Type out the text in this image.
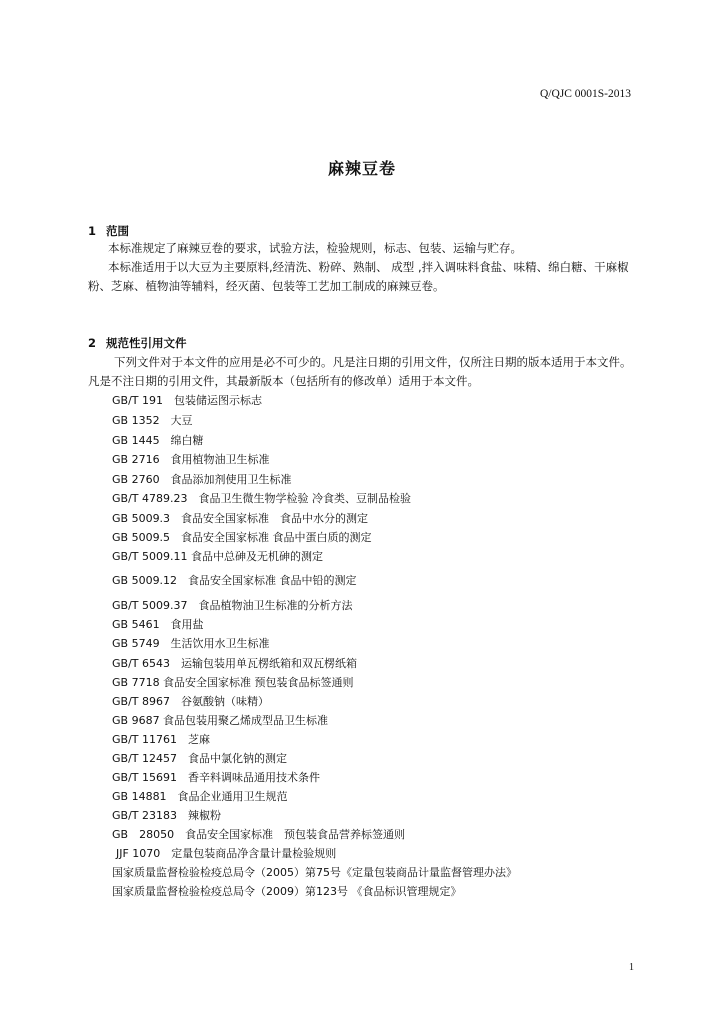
Q/QJC 0001S-2013
麻辣豆卷
1 范围
本标准规定了麻辣豆卷的要求，试验方法，检验规则，标志、包装、运输与贮存。
本标准适用于以大豆为主要原料,经清洗、粉碎、熟制、 成型 ,拌入调味料食盐、味精、绵白糖、干麻椒粉、芝麻、植物油等辅料，经灭菌、包装等工艺加工制成的麻辣豆卷。
2 规范性引用文件
下列文件对于本文件的应用是必不可少的。凡是注日期的引用文件，仅所注日期的版本适用于本文件。凡是不注日期的引用文件，其最新版本（包括所有的修改单）适用于本文件。
GB/T 191　包装储运图示标志
GB 1352　大豆
GB 1445　绵白糖
GB 2716　食用植物油卫生标准
GB 2760　食品添加剂使用卫生标准
GB/T 4789.23　食品卫生微生物学检验 冷食类、豆制品检验
GB 5009.3　食品安全国家标准　食品中水分的测定
GB 5009.5　食品安全国家标准 食品中蛋白质的测定
GB/T 5009.11 食品中总砷及无机砷的测定
GB 5009.12　食品安全国家标准 食品中铅的测定
GB/T 5009.37　食品植物油卫生标准的分析方法
GB 5461　食用盐
GB 5749　生活饮用水卫生标准
GB/T 6543　运输包装用单瓦楞纸箱和双瓦楞纸箱
GB 7718 食品安全国家标准 预包装食品标签通则
GB/T 8967　谷氨酸钠（味精）
GB 9687 食品包装用聚乙烯成型品卫生标准
GB/T 11761　芝麻
GB/T 12457　食品中氯化钠的测定
GB/T 15691　香辛料调味品通用技术条件
GB 14881　食品企业通用卫生规范
GB/T 23183　辣椒粉
GB　28050　食品安全国家标准　预包装食品营养标签通则
JJF 1070　定量包装商品净含量计量检验规则
国家质量监督检验检疫总局令（2005）第75号《定量包装商品计量监督管理办法》
国家质量监督检验检疫总局令（2009）第123号 《食品标识管理规定》
1
